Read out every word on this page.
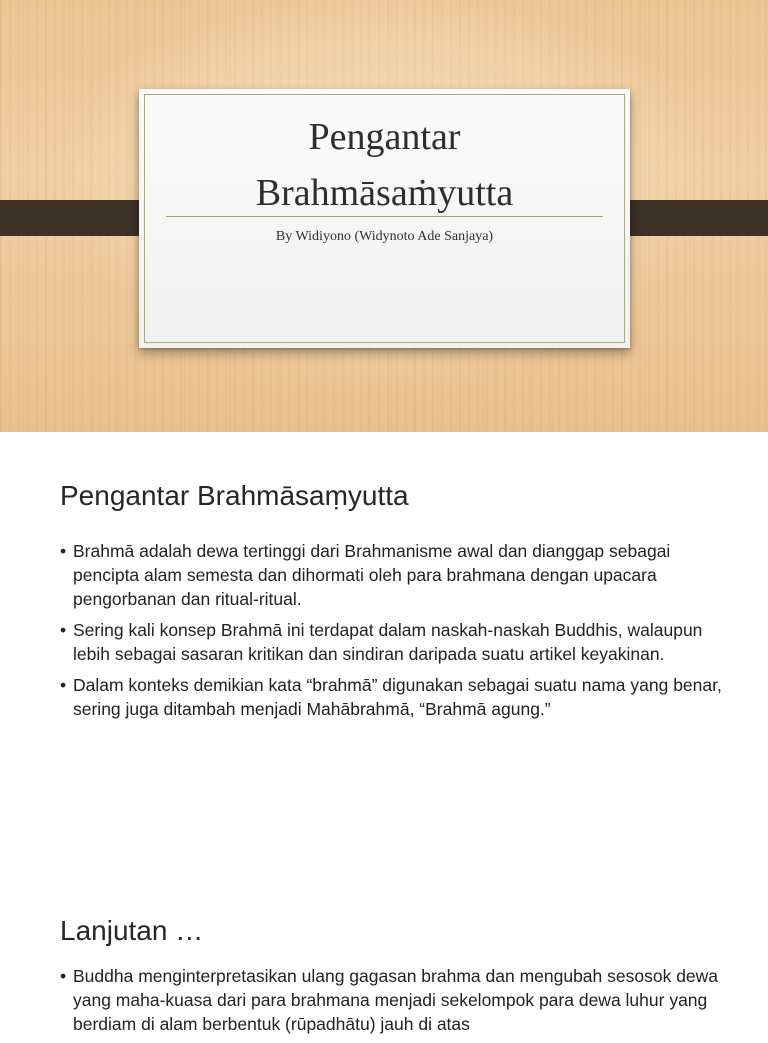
Pengantar
Brahmāsaṁyutta
By Widiyono (Widynoto Ade Sanjaya)
Pengantar Brahmāsaṃyutta
• Brahmā adalah dewa tertinggi dari Brahmanisme awal dan dianggap sebagai pencipta alam semesta dan dihormati oleh para brahmana dengan upacara pengorbanan dan ritual-ritual.
• Sering kali konsep Brahmā ini terdapat dalam naskah-naskah Buddhis, walaupun lebih sebagai sasaran kritikan dan sindiran daripada suatu artikel keyakinan.
• Dalam konteks demikian kata “brahmā” digunakan sebagai suatu nama yang benar, sering juga ditambah menjadi Mahābrahmā, “Brahmā agung.”
Lanjutan …
• Buddha menginterpretasikan ulang gagasan brahma dan mengubah sesosok dewa yang maha-kuasa dari para brahmana menjadi sekelompok para dewa luhur yang berdiam di alam berbentuk (rūpadhātu) jauh di atas
